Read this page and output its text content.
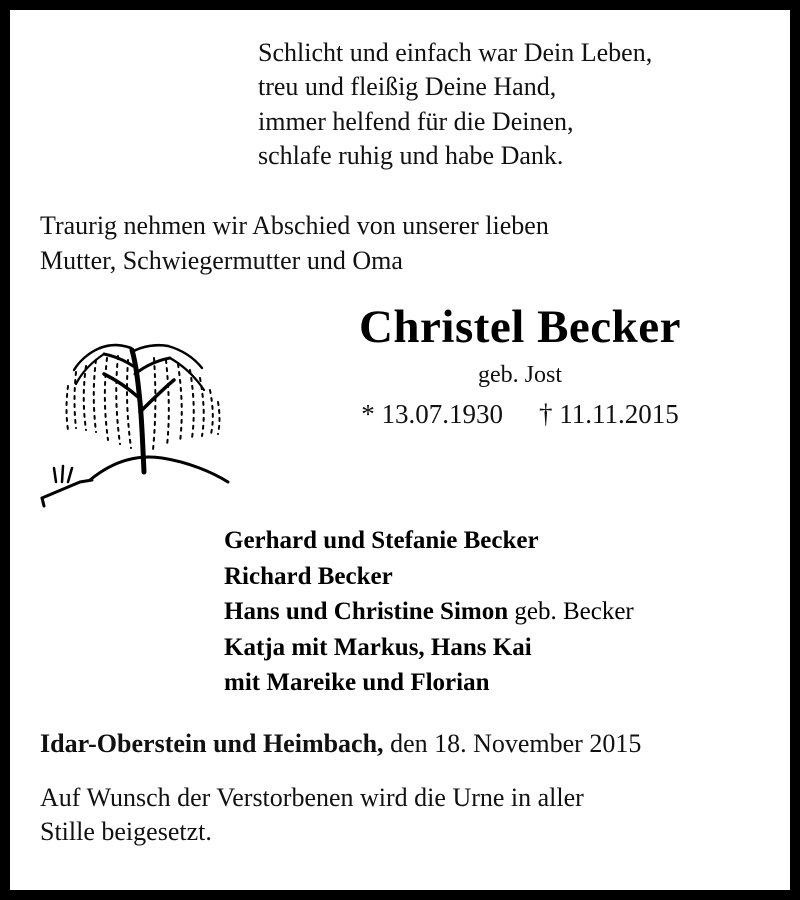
Schlicht und einfach war Dein Leben,
treu und fleißig Deine Hand,
immer helfend für die Deinen,
schlafe ruhig und habe Dank.
Traurig nehmen wir Abschied von unserer lieben
Mutter, Schwiegermutter und Oma
Christel Becker
geb. Jost
* 13.07.1930 † 11.11.2015
Gerhard und Stefanie Becker
Richard Becker
Hans und Christine Simon geb. Becker
Katja mit Markus, Hans Kai
mit Mareike und Florian
Idar-Oberstein und Heimbach, den 18. November 2015
Auf Wunsch der Verstorbenen wird die Urne in aller
Stille beigesetzt.
